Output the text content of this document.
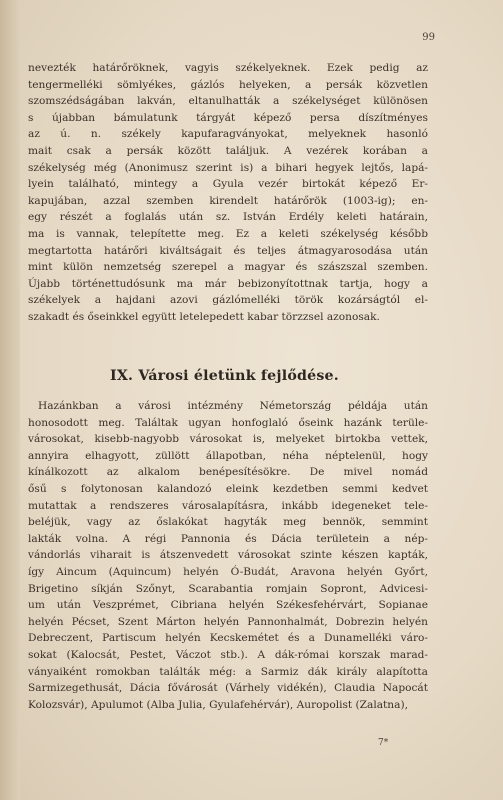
99
nevezték határőröknek, vagyis székelyeknek. Ezek pedig az
tengermelléki sömlyékes, gázlós helyeken, a persák közvetlen
szomszédságában lakván, eltanulhatták a székelységet különösen
s újabban bámulatunk tárgyát képező persa díszítményes
az ú. n. székely kapufaragványokat, melyeknek hasonló
mait csak a persák között találjuk. A vezérek korában a
székelység még (Anonimusz szerint is) a bihari hegyek lejtős, lapá-
lyein található, mintegy a Gyula vezér birtokát képező Er-
kapujában, azzal szemben kirendelt határőrök (1003-ig); en-
egy részét a foglalás után sz. István Erdély keleti határain,
ma is vannak, telepítette meg. Ez a keleti székelység később
megtartotta határőri kiváltságait és teljes átmagyarosodása után
mint külön nemzetség szerepel a magyar és szászszal szemben.
Újabb történettudósunk ma már bebizonyítottnak tartja, hogy a
székelyek a hajdani azovi gázlómelléki török kozárságtól el-
szakadt és őseinkkel együtt letelepedett kabar törzzsel azonosak.
IX. Városi életünk fejlődése.
Hazánkban a városi intézmény Németország példája után
honosodott meg. Találtak ugyan honfoglaló őseink hazánk terüle-
városokat, kisebb-nagyobb városokat is, melyeket birtokba vettek,
annyira elhagyott, züllött állapotban, néha néptelenül, hogy
kínálkozott az alkalom benépesítésökre. De mivel nomád
ősű s folytonosan kalandozó eleink kezdetben semmi kedvet
mutattak a rendszeres városalapításra, inkább idegeneket tele-
beléjük, vagy az őslakókat hagyták meg bennök, semmint
lakták volna. A régi Pannonia és Dácia területein a nép-
vándorlás viharait is átszenvedett városokat szinte készen kapták,
így Aincum (Aquincum) helyén Ó-Budát, Aravona helyén Győrt,
Brigetino síkján Szőnyt, Scarabantia romjain Sopront, Advicesi-
um után Veszprémet, Cibriana helyén Székesfehérvárt, Sopianae
helyén Pécset, Szent Márton helyén Pannonhalmát, Dobrezin helyén
Debreczent, Partiscum helyén Kecskemétet és a Dunamelléki váro-
sokat (Kalocsát, Pestet, Váczot stb.). A dák-római korszak marad-
ványaiként romokban találták még: a Sarmiz dák király alapította
Sarmizegethusát, Dácia fővárosát (Várhely vidékén), Claudia Napocát
Kolozsvár), Apulumot (Alba Julia, Gyulafehérvár), Auropolist (Zalatna),
7*
